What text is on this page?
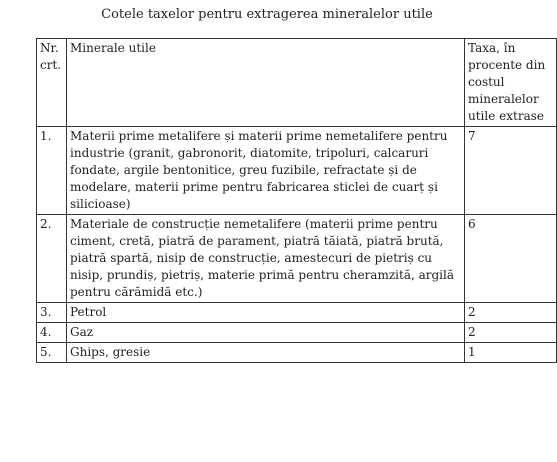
Cotele taxelor pentru extragerea mineralelor utile
Nr. crt.	Minerale utile	Taxa, în procente din costul mineralelor utile extrase
1.	Materii prime metalifere și materii prime nemetalifere pentru industrie (granit, gabronorit, diatomite, tripoluri, calcaruri fondate, argile bentonitice, greu fuzibile, refractate și de modelare, materii prime pentru fabricarea sticlei de cuarț și silicioase)	7
2.	Materiale de construcție nemetalifere (materii prime pentru ciment, cretă, piatră de parament, piatră tăiată, piatră brută, piatră spartă, nisip de construcție, amestecuri de pietriș cu nisip, prundiș, pietriș, materie primă pentru cheramzită, argilă pentru cărămidă etc.)	6
3.	Petrol	2
4.	Gaz	2
5.	Ghips, gresie	1
